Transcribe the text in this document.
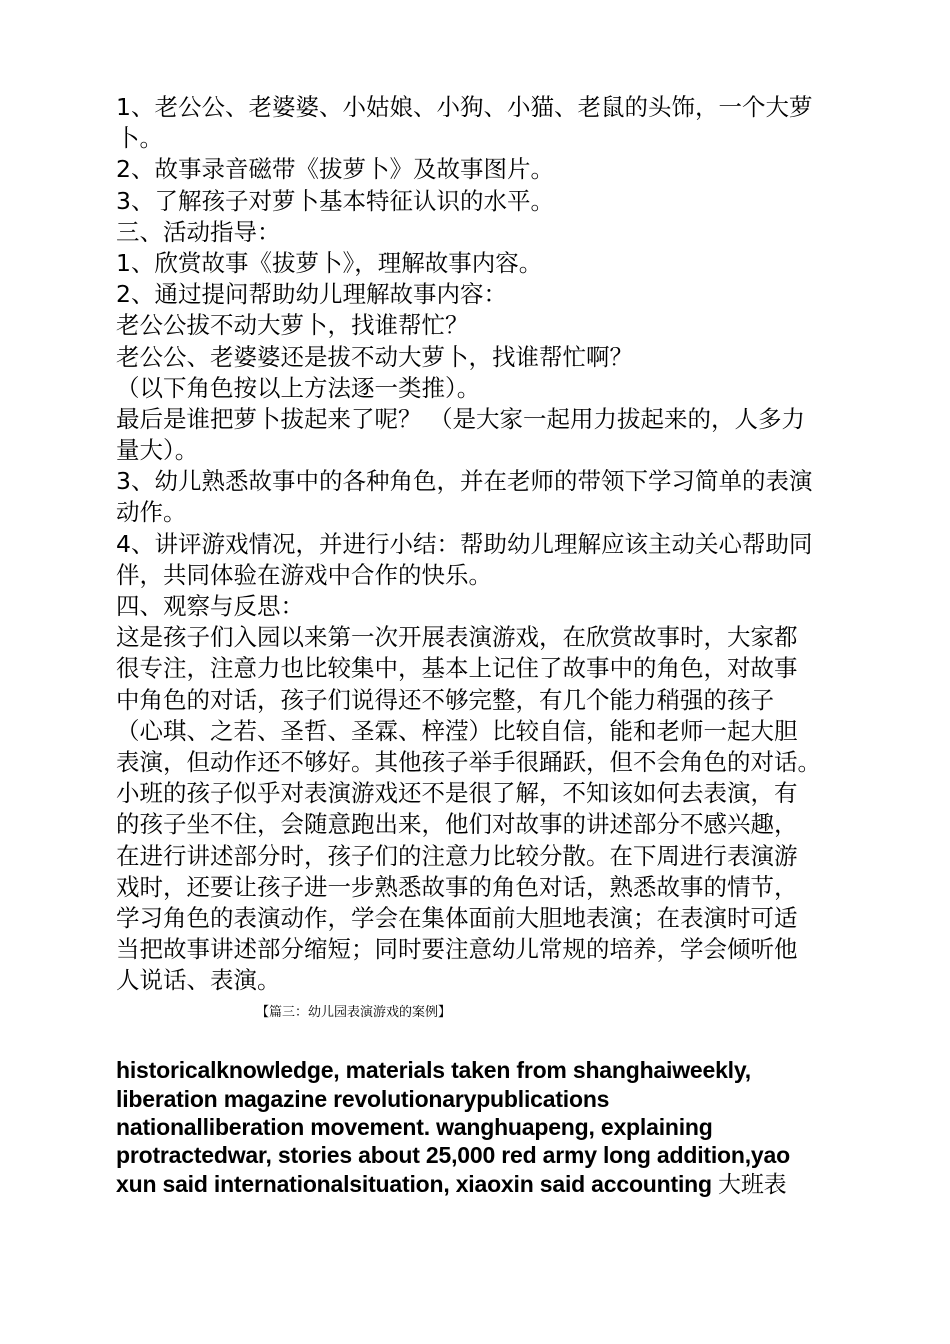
1、老公公、老婆婆、小姑娘、小狗、小猫、老鼠的头饰，一个大萝
卜。
2、故事录音磁带《拔萝卜》及故事图片。
3、了解孩子对萝卜基本特征认识的水平。
三、活动指导：
1、欣赏故事《拔萝卜》，理解故事内容。
2、通过提问帮助幼儿理解故事内容：
老公公拔不动大萝卜，找谁帮忙？
老公公、老婆婆还是拔不动大萝卜，找谁帮忙啊？
（以下角色按以上方法逐一类推）。
最后是谁把萝卜拔起来了呢？ （是大家一起用力拔起来的，人多力
量大）。
3、幼儿熟悉故事中的各种角色，并在老师的带领下学习简单的表演
动作。
4、讲评游戏情况，并进行小结：帮助幼儿理解应该主动关心帮助同
伴，共同体验在游戏中合作的快乐。
四、观察与反思：
这是孩子们入园以来第一次开展表演游戏，在欣赏故事时，大家都
很专注，注意力也比较集中，基本上记住了故事中的角色，对故事
中角色的对话，孩子们说得还不够完整，有几个能力稍强的孩子
（心琪、之若、圣哲、圣霖、梓滢）比较自信，能和老师一起大胆
表演，但动作还不够好。其他孩子举手很踊跃，但不会角色的对话。
小班的孩子似乎对表演游戏还不是很了解，不知该如何去表演，有
的孩子坐不住，会随意跑出来，他们对故事的讲述部分不感兴趣，
在进行讲述部分时，孩子们的注意力比较分散。在下周进行表演游
戏时，还要让孩子进一步熟悉故事的角色对话，熟悉故事的情节，
学习角色的表演动作，学会在集体面前大胆地表演；在表演时可适
当把故事讲述部分缩短；同时要注意幼儿常规的培养，学会倾听他
人说话、表演。
【篇三：幼儿园表演游戏的案例】
historicalknowledge, materials taken from shanghaiweekly,
liberation magazine revolutionarypublications
nationalliberation movement. wanghuapeng, explaining
protractedwar, stories about 25,000 red army long addition,yao
xun said internationalsituation, xiaoxin said accounting 大班表
